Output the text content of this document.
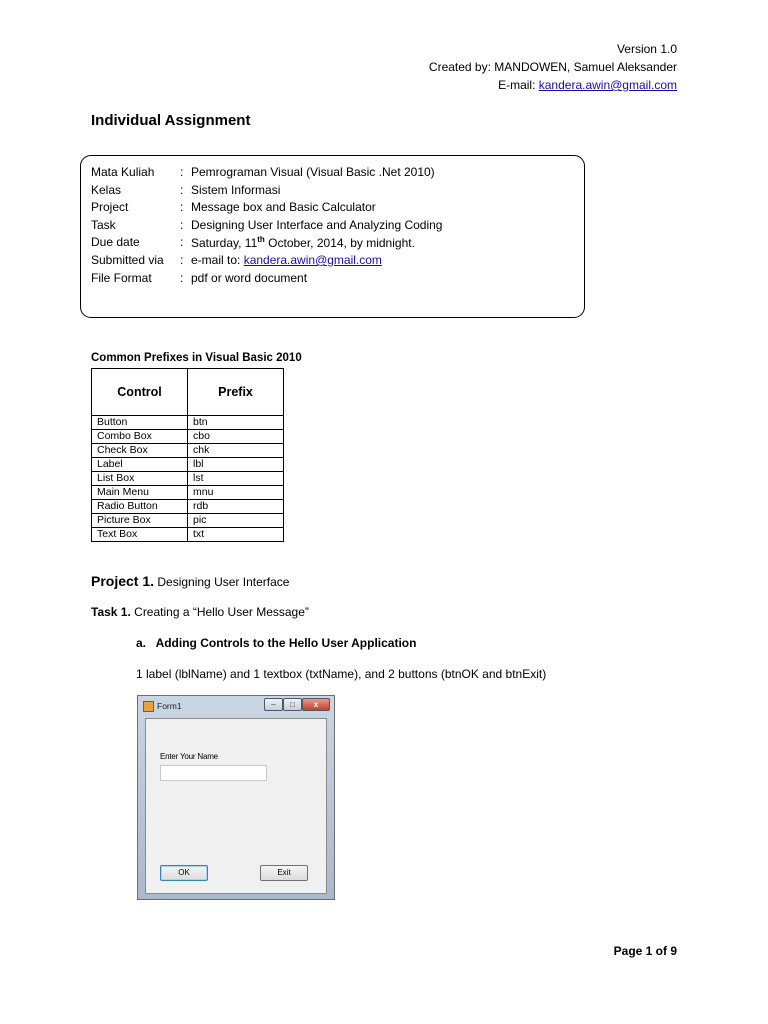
Version 1.0
Created by: MANDOWEN, Samuel Aleksander
E-mail: kandera.awin@gmail.com
Individual Assignment
Mata Kuliah	:	Pemrograman Visual (Visual Basic .Net 2010)
Kelas	:	Sistem Informasi
Project	:	Message box and Basic Calculator
Task	:	Designing User Interface and Analyzing Coding
Due date	:	Saturday, 11th October, 2014, by midnight.
Submitted via	:	e-mail to: kandera.awin@gmail.com
File Format	:	pdf or word document
Common Prefixes in Visual Basic 2010
Control	Prefix
Button	btn
Combo Box	cbo
Check Box	chk
Label	lbl
List Box	lst
Main Menu	mnu
Radio Button	rdb
Picture Box	pic
Text Box	txt
Project 1. Designing User Interface
Task 1. Creating a “Hello User Message”
a.   Adding Controls to the Hello User Application
1 label (lblName) and 1 textbox (txtName), and 2 buttons (btnOK and btnExit)
Form1	–	□	x
Enter Your Name
OK	Exit
Page 1 of 9
